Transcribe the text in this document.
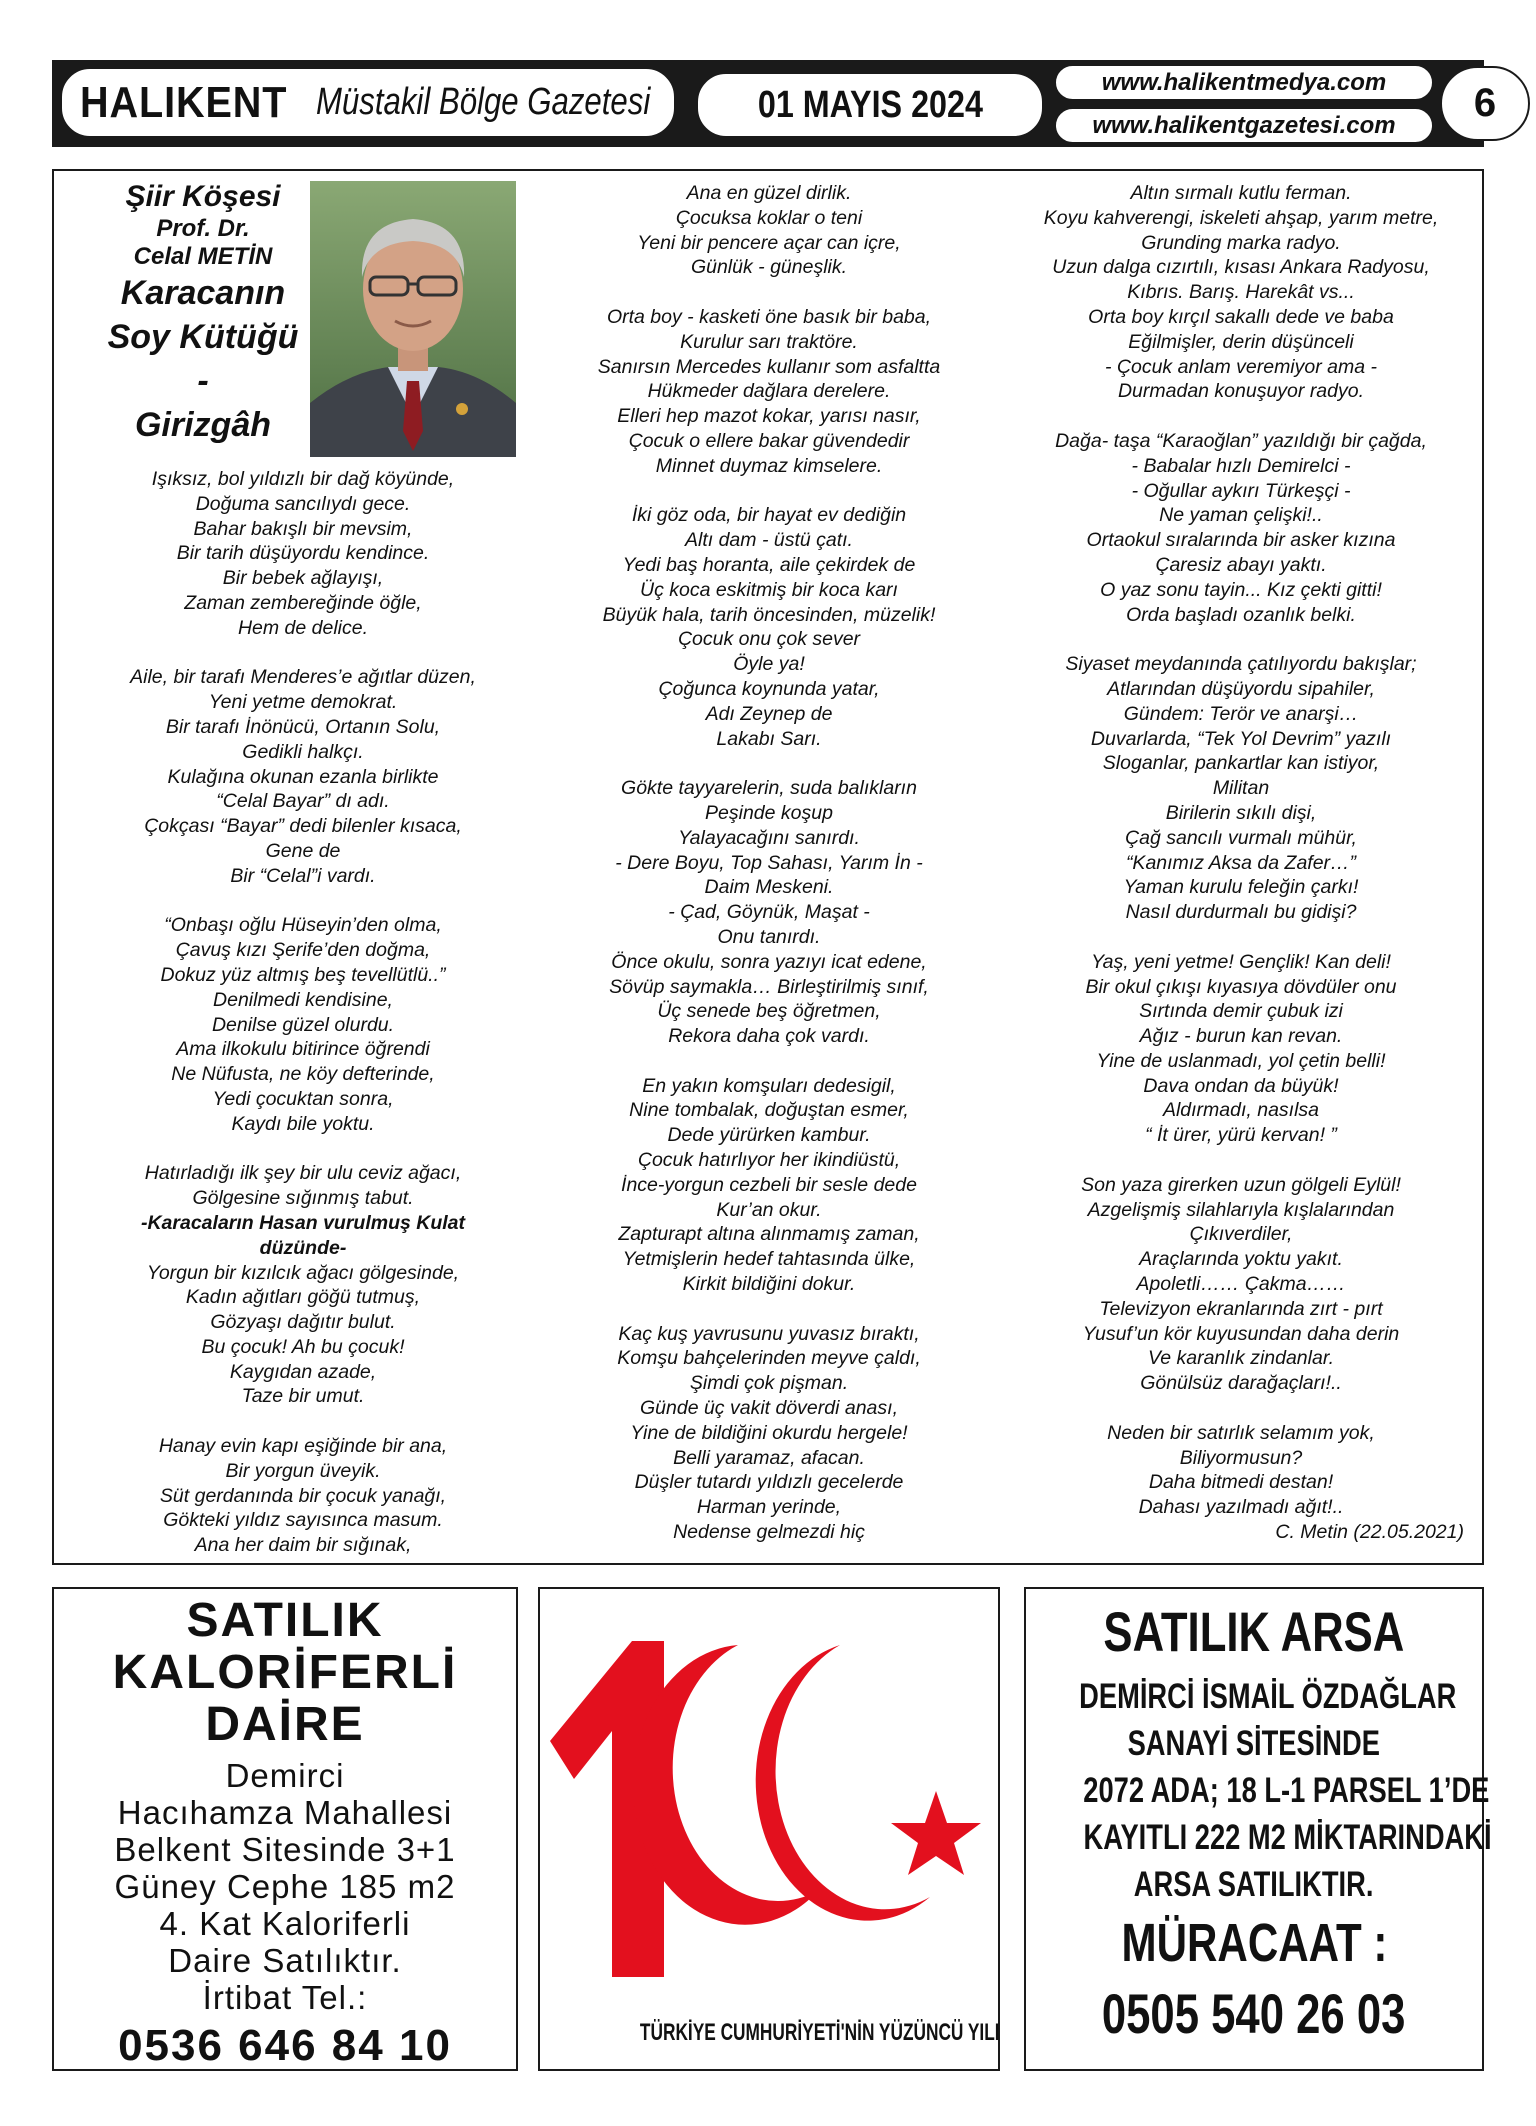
HALIKENT Müstakil Bölge Gazetesi	01 MAYIS 2024
www.halikentmedya.com
www.halikentgazetesi.com	6
Şiir Köşesi
Prof. Dr.
Celal METİN
Karacanın
Soy Kütüğü
-
Girizgâh
Işıksız, bol yıldızlı bir dağ köyünde,
Doğuma sancılıydı gece.
Bahar bakışlı bir mevsim,
Bir tarih düşüyordu kendince.
Bir bebek ağlayışı,
Zaman zembereğinde öğle,
Hem de delice.
Aile, bir tarafı Menderes’e ağıtlar düzen,
Yeni yetme demokrat.
Bir tarafı İnönücü, Ortanın Solu,
Gedikli halkçı.
Kulağına okunan ezanla birlikte
“Celal Bayar” dı adı.
Çokçası “Bayar” dedi bilenler kısaca,
Gene de
Bir “Celal”i vardı.
“Onbaşı oğlu Hüseyin’den olma,
Çavuş kızı Şerife’den doğma,
Dokuz yüz altmış beş tevellütlü..”
Denilmedi kendisine,
Denilse güzel olurdu.
Ama ilkokulu bitirince öğrendi
Ne Nüfusta, ne köy defterinde,
Yedi çocuktan sonra,
Kaydı bile yoktu.
Hatırladığı ilk şey bir ulu ceviz ağacı,
Gölgesine sığınmış tabut.
-Karacaların Hasan vurulmuş Kulat
düzünde-
Yorgun bir kızılcık ağacı gölgesinde,
Kadın ağıtları göğü tutmuş,
Gözyaşı dağıtır bulut.
Bu çocuk! Ah bu çocuk!
Kaygıdan azade,
Taze bir umut.
Hanay evin kapı eşiğinde bir ana,
Bir yorgun üveyik.
Süt gerdanında bir çocuk yanağı,
Gökteki yıldız sayısınca masum.
Ana her daim bir sığınak,
Ana en güzel dirlik.
Çocuksa koklar o teni
Yeni bir pencere açar can içre,
Günlük - güneşlik.
Orta boy - kasketi öne basık bir baba,
Kurulur sarı traktöre.
Sanırsın Mercedes kullanır som asfaltta
Hükmeder dağlara derelere.
Elleri hep mazot kokar, yarısı nasır,
Çocuk o ellere bakar güvendedir
Minnet duymaz kimselere.
İki göz oda, bir hayat ev dediğin
Altı dam - üstü çatı.
Yedi baş horanta, aile çekirdek de
Üç koca eskitmiş bir koca karı
Büyük hala, tarih öncesinden, müzelik!
Çocuk onu çok sever
Öyle ya!
Çoğunca koynunda yatar,
Adı Zeynep de
Lakabı Sarı.
Gökte tayyarelerin, suda balıkların
Peşinde koşup
Yalayacağını sanırdı.
- Dere Boyu, Top Sahası, Yarım İn -
Daim Meskeni.
- Çad, Göynük, Maşat -
Onu tanırdı.
Önce okulu, sonra yazıyı icat edene,
Sövüp saymakla… Birleştirilmiş sınıf,
Üç senede beş öğretmen,
Rekora daha çok vardı.
En yakın komşuları dedesigil,
Nine tombalak, doğuştan esmer,
Dede yürürken kambur.
Çocuk hatırlıyor her ikindiüstü,
İnce-yorgun cezbeli bir sesle dede
Kur’an okur.
Zapturapt altına alınmamış zaman,
Yetmişlerin hedef tahtasında ülke,
Kirkit bildiğini dokur.
Kaç kuş yavrusunu yuvasız bıraktı,
Komşu bahçelerinden meyve çaldı,
Şimdi çok pişman.
Günde üç vakit döverdi anası,
Yine de bildiğini okurdu hergele!
Belli yaramaz, afacan.
Düşler tutardı yıldızlı gecelerde
Harman yerinde,
Nedense gelmezdi hiç
Altın sırmalı kutlu ferman.
Koyu kahverengi, iskeleti ahşap, yarım metre,
Grunding marka radyo.
Uzun dalga cızırtılı, kısası Ankara Radyosu,
Kıbrıs. Barış. Harekât vs...
Orta boy kırçıl sakallı dede ve baba
Eğilmişler, derin düşünceli
- Çocuk anlam veremiyor ama -
Durmadan konuşuyor radyo.
Dağa- taşa “Karaoğlan” yazıldığı bir çağda,
- Babalar hızlı Demirelci -
- Oğullar aykırı Türkeşçi -
Ne yaman çelişki!..
Ortaokul sıralarında bir asker kızına
Çaresiz abayı yaktı.
O yaz sonu tayin... Kız çekti gitti!
Orda başladı ozanlık belki.
Siyaset meydanında çatılıyordu bakışlar;
Atlarından düşüyordu sipahiler,
Gündem: Terör ve anarşi…
Duvarlarda, “Tek Yol Devrim” yazılı
Sloganlar, pankartlar kan istiyor,
Militan
Birilerin sıkılı dişi,
Çağ sancılı vurmalı mühür,
“Kanımız Aksa da Zafer…”
Yaman kurulu feleğin çarkı!
Nasıl durdurmalı bu gidişi?
Yaş, yeni yetme! Gençlik! Kan deli!
Bir okul çıkışı kıyasıya dövdüler onu
Sırtında demir çubuk izi
Ağız - burun kan revan.
Yine de uslanmadı, yol çetin belli!
Dava ondan da büyük!
Aldırmadı, nasılsa
“ İt ürer, yürü kervan! ”
Son yaza girerken uzun gölgeli Eylül!
Azgelişmiş silahlarıyla kışlalarından
Çıkıverdiler,
Araçlarında yoktu yakıt.
Apoletli…… Çakma……
Televizyon ekranlarında zırt - pırt
Yusuf’un kör kuyusundan daha derin
Ve karanlık zindanlar.
Gönülsüz darağaçları!..
Neden bir satırlık selamım yok,
Biliyormusun?
Daha bitmedi destan!
Dahası yazılmadı ağıt!..
C. Metin (22.05.2021)
SATILIK
KALORİFERLİ
DAİRE
Demirci
Hacıhamza Mahallesi
Belkent Sitesinde 3+1
Güney Cephe 185 m2
4. Kat Kaloriferli
Daire Satılıktır.
İrtibat Tel.:
0536 646 84 10	TÜRKİYE CUMHURİYETİ'NİN YÜZÜNCÜ YILI
SATILIK ARSA
DEMİRCİ İSMAİL ÖZDAĞLAR
SANAYİ SİTESİNDE
2072 ADA; 18 L-1 PARSEL 1’DE
KAYITLI 222 M2 MİKTARINDAKİ
ARSA SATILIKTIR.
MÜRACAAT :
0505 540 26 03
